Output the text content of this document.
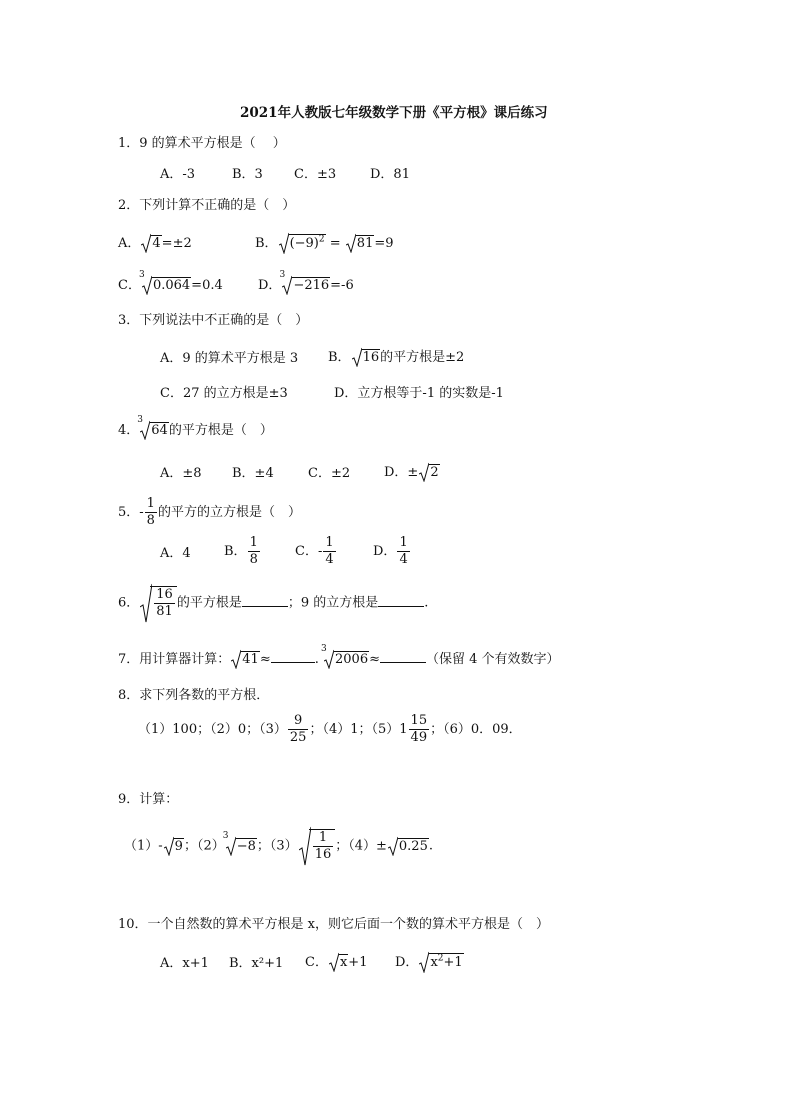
2021年人教版七年级数学下册《平方根》课后练习
1．9 的算术平方根是（　 ）
A．-3	B．3 C．±3	D．81
2．下列计算不正确的是（　）
A． 4=±2	B． $(-9)^2 = 81=9$
C．
3
0.064=0.4	D．
3
−216=-6
3．下列说法中不正确的是（　）
A．9 的算术平方根是 3 B． 16的平方根是±2
C．27 的立方根是±3	D．立方根等于-1 的实数是-1
4．
3
64的平方根是（　）
A．±8 B．±4	C．±2	D．± 2
5．- $\frac{1}{8}$ 的平方的立方根是（　）
A．4	B． $\frac{1}{8}$	C．- $\frac{1}{4}$	D． $\frac{1}{4}$
6． $\frac{16}{81}$ 的平方根是	；9 的立方根是	.
7．用计算器计算： 41≈	.
3
2006≈	（保留 4 个有效数字）
8．求下列各数的平方根．
（1）100；（2）0；$(3) \frac{9}{25}$ ；（4）1；$(5)1 \frac{15}{49}$ ；（6）0．09．
9．计算：
（1）- 9；（2）
3
−8；$(3) \frac{1}{16}$ ；（4）± 0.25.
10．一个自然数的算术平方根是 x，则它后面一个数的算术平方根是（　）
A．x+1 B．x²+1 C． x+1 D． $x^2+1$
